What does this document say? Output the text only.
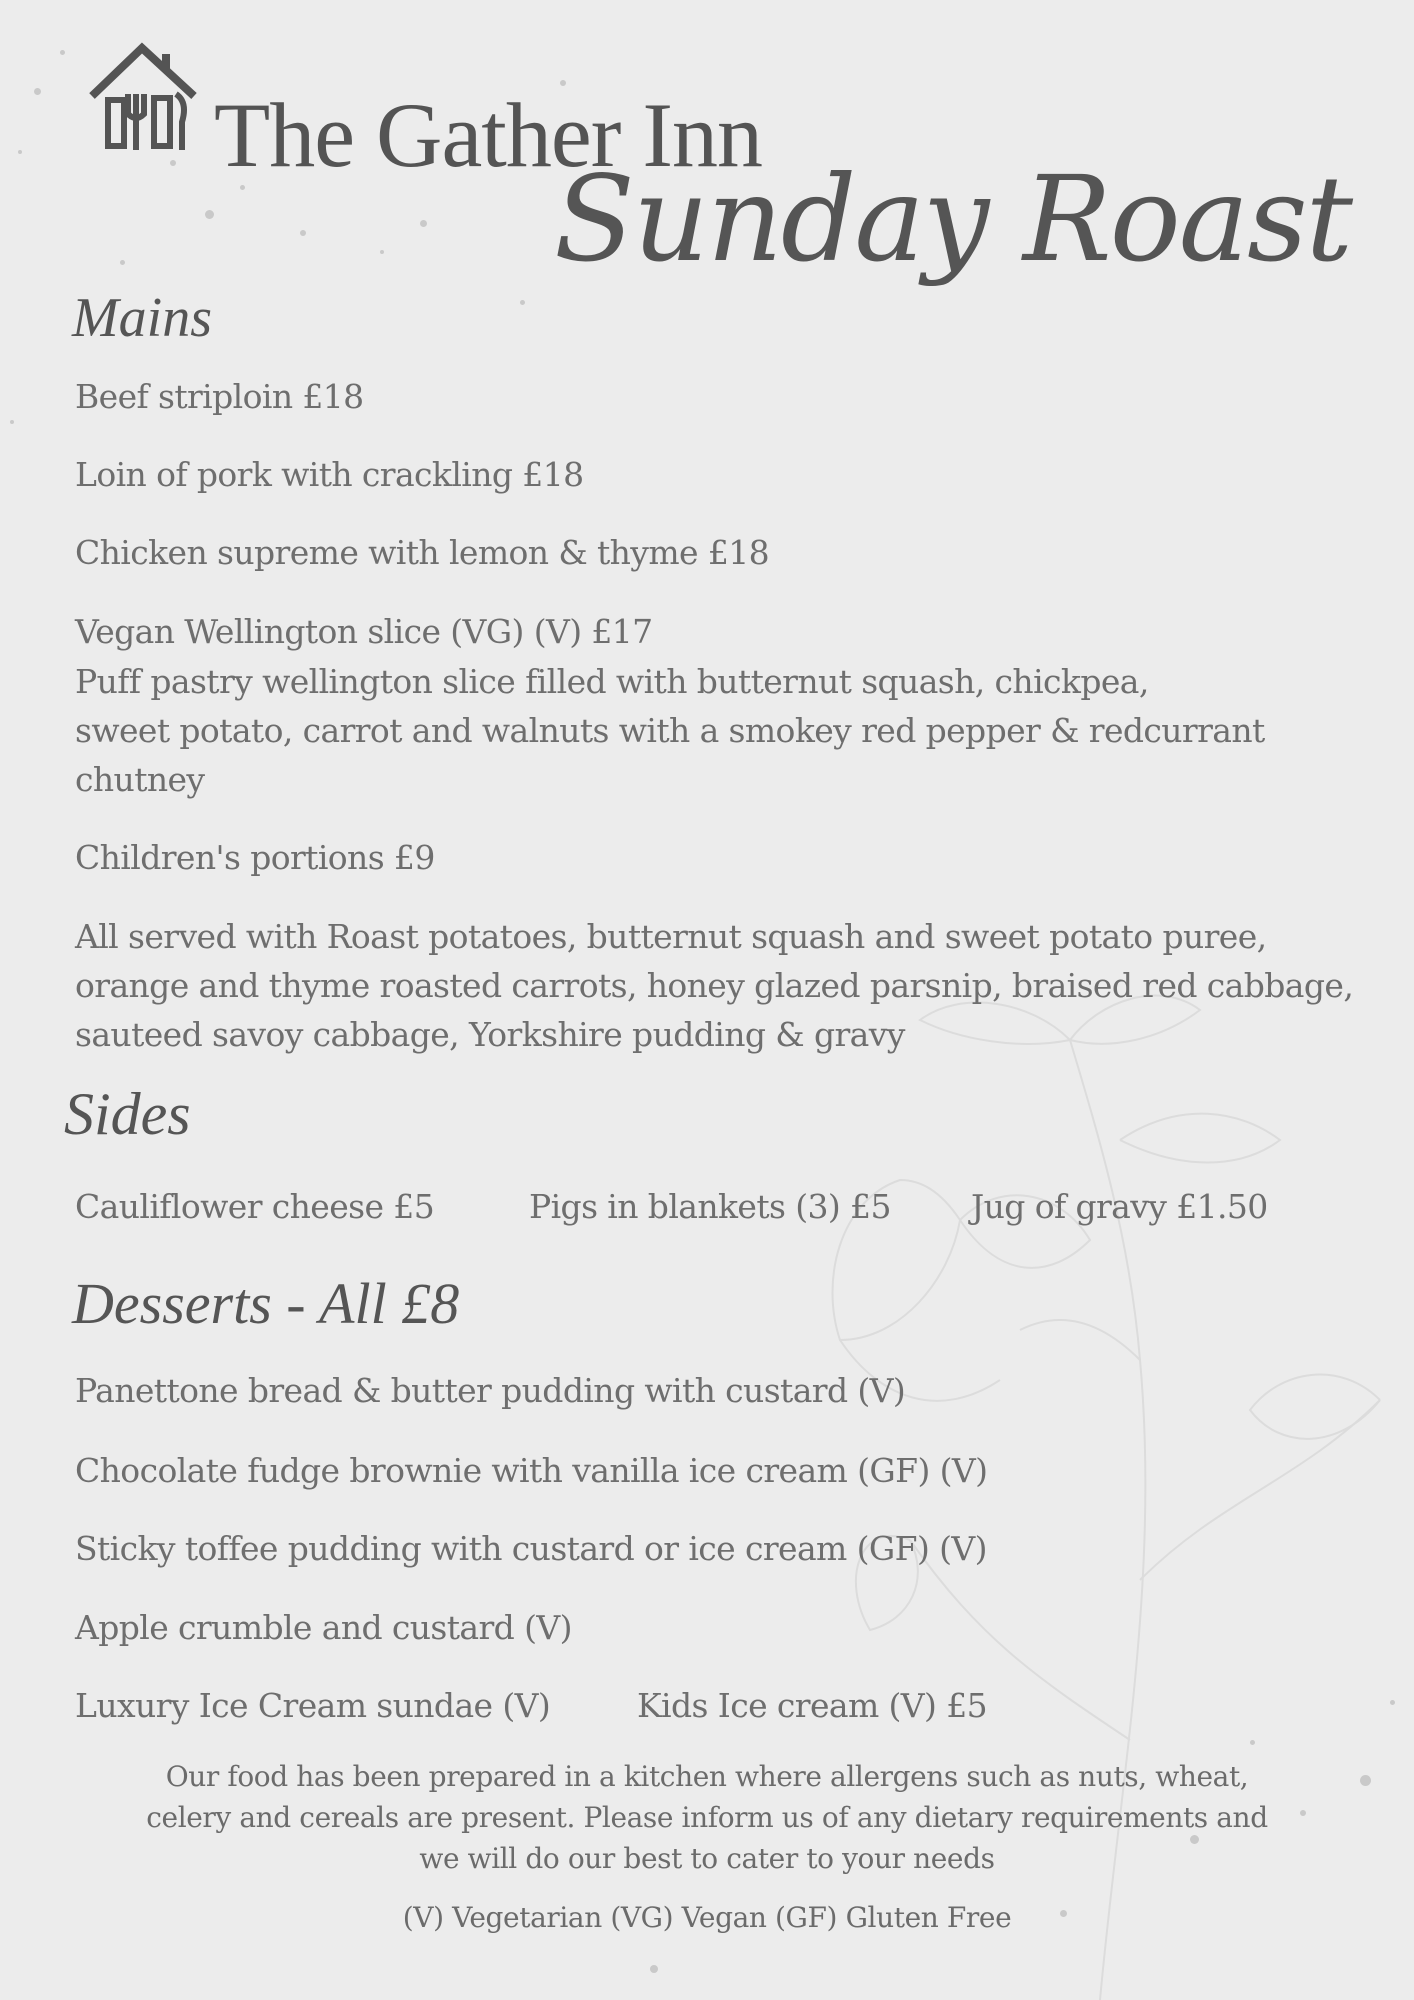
The Gather Inn
Sunday Roast
Mains

Beef striploin £18

Loin of pork with crackling £18

Chicken supreme with lemon & thyme £18

Vegan Wellington slice (VG) (V) £17

Puff pastry wellington slice filled with butternut squash, chickpea,
sweet potato, carrot and walnuts with a smokey red pepper & redcurrant
chutney

Children's portions £9

All served with Roast potatoes, butternut squash and sweet potato puree,
orange and thyme roasted carrots, honey glazed parsnip, braised red cabbage,
sauteed savoy cabbage, Yorkshire pudding & gravy

Sides

Cauliflower cheese £5	Pigs in blankets (3) £5 Jug of gravy £1.50

Desserts - All £8

Panettone bread & butter pudding with custard (V)

Chocolate fudge brownie with vanilla ice cream (GF) (V)

Sticky toffee pudding with custard or ice cream (GF) (V)

Apple crumble and custard (V)

Luxury Ice Cream sundae (V)	Kids Ice cream (V) £5

Our food has been prepared in a kitchen where allergens such as nuts, wheat,
celery and cereals are present. Please inform us of any dietary requirements and
we will do our best to cater to your needs

(V) Vegetarian (VG) Vegan (GF) Gluten Free
